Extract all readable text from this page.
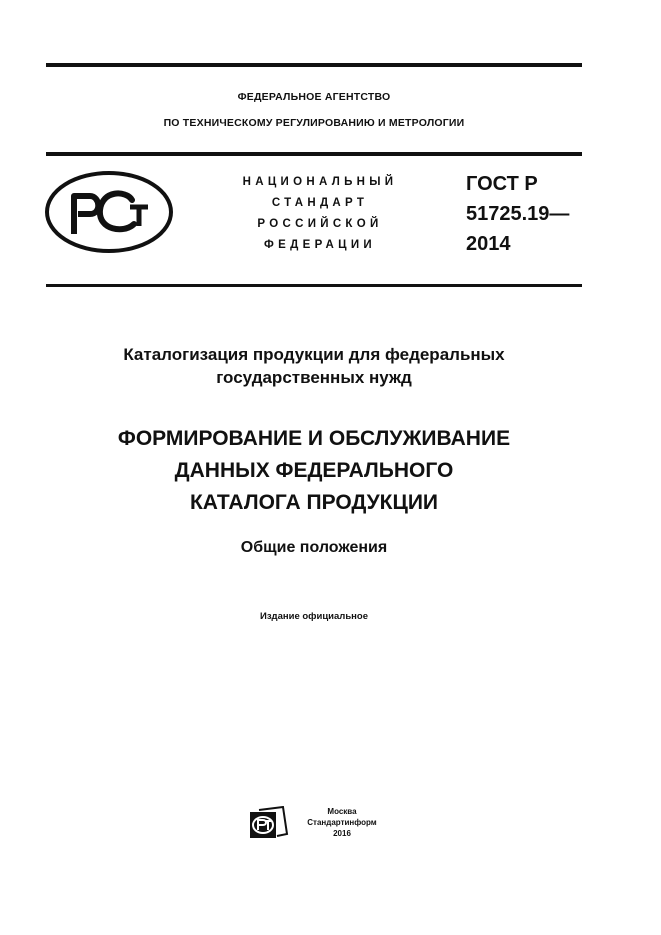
ФЕДЕРАЛЬНОЕ АГЕНТСТВО
ПО ТЕХНИЧЕСКОМУ РЕГУЛИРОВАНИЮ И МЕТРОЛОГИИ
НАЦИОНАЛЬНЫЙ
СТАНДАРТ
РОССИЙСКОЙ
ФЕДЕРАЦИИ
ГОСТ Р
51725.19—
2014
Каталогизация продукции для федеральных
государственных нужд
ФОРМИРОВАНИЕ И ОБСЛУЖИВАНИЕ
ДАННЫХ ФЕДЕРАЛЬНОГО
КАТАЛОГА ПРОДУКЦИИ
Общие положения
Издание официальное
Москва
Стандартинформ
2016
